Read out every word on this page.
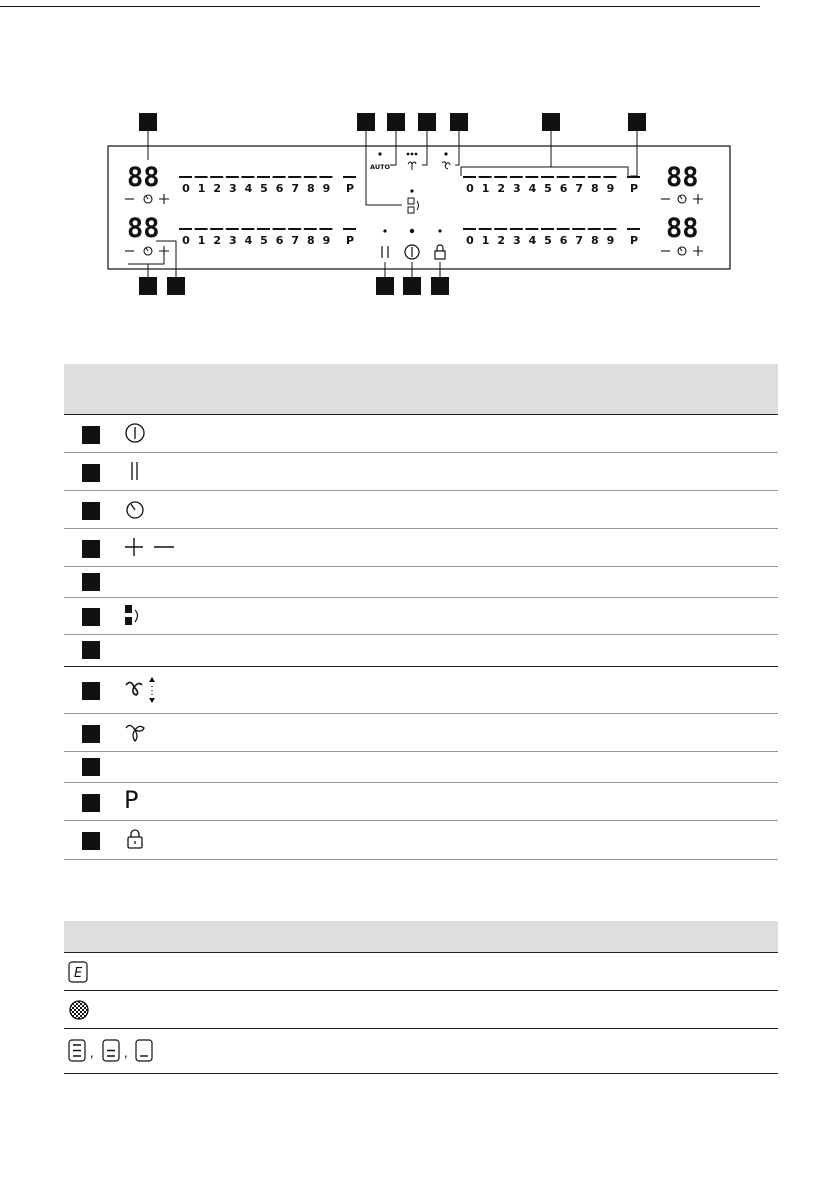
88
88
88
88
0 1 2 3 4 5 6 7 8 9 P
0 1 2 3 4 5 6 7 8 9 P
0 1 2 3 4 5 6 7 8 9 P
0 1 2 3 4 5 6 7 8 9 P
AUTO
P
E
,	,
